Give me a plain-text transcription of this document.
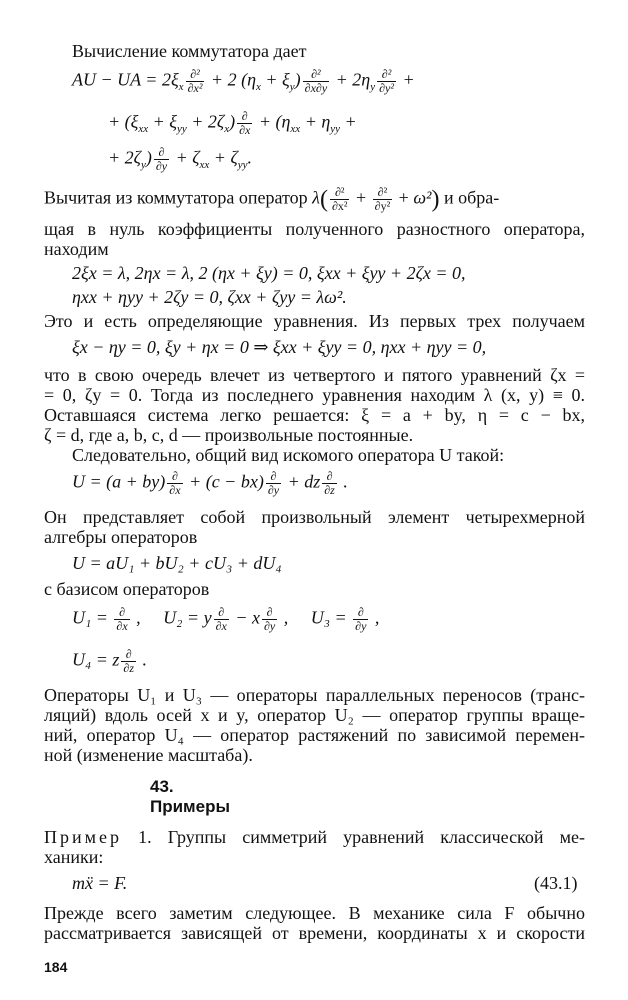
Вычисление коммутатора дает
AU − UA = $2\xi_x \frac{\text{∂²}}{\text{∂x²}} + 2$ $(\eta_x + \xi_y) \frac{\text{∂²}}{\partial x\partial y} + 2\eta_y \frac{\text{∂²}}{\text{∂y²}}$ +
+ $(\xi_{xx} + \xi_{yy} + 2\zeta_x) \frac{\partial}{\partial x} + (\eta_{xx} + \eta_{yy}$ +
+ $2\zeta_y) \frac{\partial}{\partial y} + \zeta_{xx} + \zeta_{yy}$.
Вычитая из коммутатора оператор $\lambda( \frac{\text{∂²}}{\text{∂x²}} + \frac{\text{∂²}}{\text{∂y²}} + \omega^2)$ и обра-
щая в нуль коэффициенты полученного разностного оператора,
находим
2ξx = λ, 2ηx = λ, 2 (ηx + ξy) = 0, ξxx + ξyy + 2ζx = 0,
ηxx + ηyy + 2ζy = 0, ζxx + ζyy = λω².
Это и есть определяющие уравнения. Из первых трех получаем
ξx − ηy = 0, ξy + ηx = 0 ⇒ ξxx + ξyy = 0, ηxx + ηyy = 0,
что в свою очередь влечет из четвертого и пятого уравнений ζx =
= 0, ζy = 0. Тогда из последнего уравнения находим λ (x, y) ≡ 0.
Оставшаяся система легко решается: ξ = a + by, η = c − bx,
ζ = d, где a, b, c, d — произвольные постоянные.
Следовательно, общий вид искомого оператора U такой:
$U = (a + by) \frac{\partial}{\partial x} + (c - bx) \frac{\partial}{\partial y}$ + dz $\frac{\partial}{\partial z}$ .
Он представляет собой произвольный элемент четырехмерной
алгебры операторов
U = aU₁ + bU₂ + cU₃ + dU₄
с базисом операторов
$U_1 = \frac{\partial}{\partial x}$ ,     U₂ = y $\frac{\partial}{\partial x} - x \frac{\partial}{\partial y}$ ,     $U_3 = \frac{\partial}{\partial y}$ ,
U₄ = z $\frac{\partial}{\partial z}$ .
Операторы U₁ и U₃ — операторы параллельных переносов (транс-
ляций) вдоль осей x и y, оператор U₂ — оператор группы враще-
ний, оператор U₄ — оператор растяжений по зависимой перемен-
ной (изменение масштаба).
43.
Примеры
Пример 1. Группы симметрий уравнений классической ме-
ханики:
mẍ = F.	(43.1)
Прежде всего заметим следующее. В механике сила F обычно
рассматривается зависящей от времени, координаты x и скорости
184
